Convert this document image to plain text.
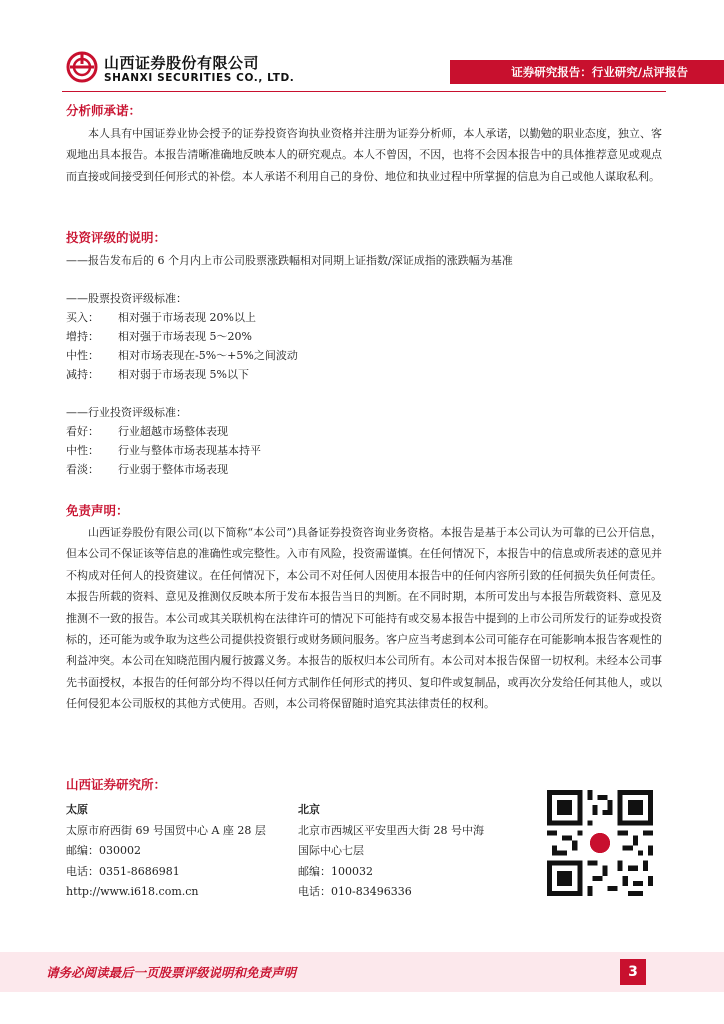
山西证券股份有限公司
SHANXI SECURITIES CO., LTD.	证券研究报告：行业研究/点评报告
分析师承诺：

本人具有中国证券业协会授予的证券投资咨询执业资格并注册为证券分析师，本人承诺，以勤勉的职业态度，独立、客观地出具本报告。本报告清晰准确地反映本人的研究观点。本人不曾因，不因，也将不会因本报告中的具体推荐意见或观点而直接或间接受到任何形式的补偿。本人承诺不利用自己的身份、地位和执业过程中所掌握的信息为自己或他人谋取私利。

投资评级的说明：
——报告发布后的 6 个月内上市公司股票涨跌幅相对同期上证指数/深证成指的涨跌幅为基准
——股票投资评级标准：
买入： 相对强于市场表现 20%以上
增持： 相对强于市场表现 5～20%
中性： 相对市场表现在-5%～+5%之间波动
减持： 相对弱于市场表现 5%以下
——行业投资评级标准：
看好： 行业超越市场整体表现
中性： 行业与整体市场表现基本持平
看淡： 行业弱于整体市场表现
免责声明：

山西证券股份有限公司(以下简称“本公司”)具备证券投资咨询业务资格。本报告是基于本公司认为可靠的已公开信息，但本公司不保证该等信息的准确性或完整性。入市有风险，投资需谨慎。在任何情况下，本报告中的信息或所表述的意见并不构成对任何人的投资建议。在任何情况下，本公司不对任何人因使用本报告中的任何内容所引致的任何损失负任何责任。本报告所载的资料、意见及推测仅反映本所于发布本报告当日的判断。在不同时期，本所可发出与本报告所载资料、意见及推测不一致的报告。本公司或其关联机构在法律许可的情况下可能持有或交易本报告中提到的上市公司所发行的证券或投资标的，还可能为或争取为这些公司提供投资银行或财务顾问服务。客户应当考虑到本公司可能存在可能影响本报告客观性的利益冲突。本公司在知晓范围内履行披露义务。本报告的版权归本公司所有。本公司对本报告保留一切权利。未经本公司事先书面授权，本报告的任何部分均不得以任何方式制作任何形式的拷贝、复印件或复制品，或再次分发给任何其他人，或以任何侵犯本公司版权的其他方式使用。否则，本公司将保留随时追究其法律责任的权利。

山西证券研究所：
太原
太原市府西街 69 号国贸中心 A 座 28 层
邮编：030002
电话：0351-8686981
http://www.i618.com.cn
北京
北京市西城区平安里西大街 28 号中海
国际中心七层
邮编：100032
电话：010-83496336
请务必阅读最后一页股票评级说明和免责声明	3
